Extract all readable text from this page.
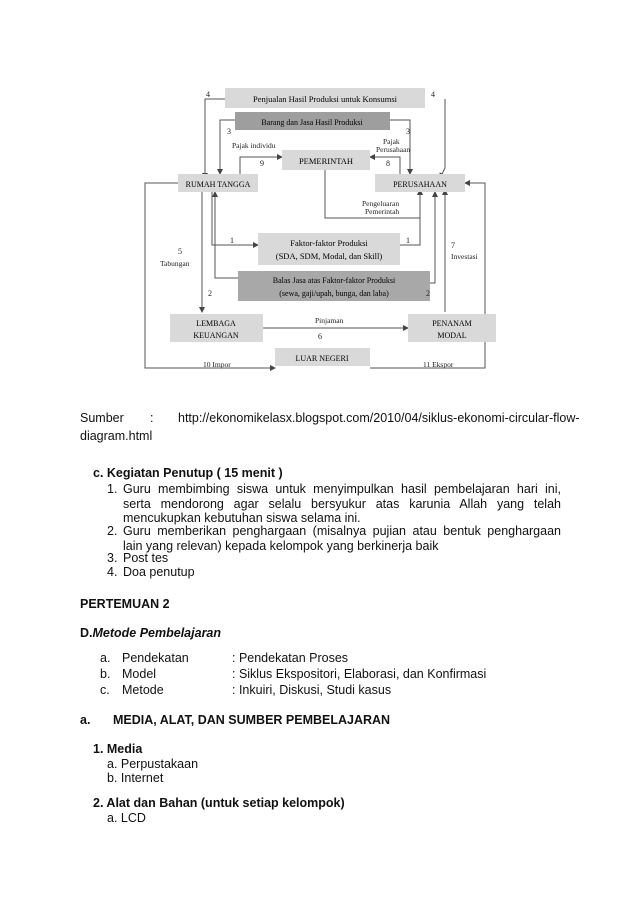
Penjualan Hasil Produksi untuk Konsumsi
Barang dan Jasa Hasil Produksi
PEMERINTAH
RUMAH TANGGA	PERUSAHAAN
Faktor-faktor Produksi
(SDA, SDM, Modal, dan Skill)
Balas Jasa atas Faktor-faktor Produksi
(sewa, gaji/upah, bunga, dan laba)
LEMBAGA
KEUANGAN
PENANAM
MODAL
LUAR NEGERI
Pajak individu	Pajak
Perusahaan
Pengeluaran
Pemerintah
Tabungan
Investasi
Pinjaman
10 Impor	11 Ekspor
4	4
3	3
9	8
1	1
5
7
2	2
6
Sumber : http://ekonomikelasx.blogspot.com/2010/04/siklus-ekonomi-circular-flow-
diagram.html
c. Kegiatan Penutup ( 15 menit )
1. Guru membimbing siswa untuk menyimpulkan hasil pembelajaran hari ini, serta mendorong agar selalu bersyukur atas karunia Allah yang telah mencukupkan kebutuhan siswa selama ini.
2. Guru memberikan penghargaan (misalnya pujian atau bentuk penghargaan lain yang relevan) kepada kelompok yang berkinerja baik
3. Post tes
4. Doa penutup
PERTEMUAN 2
D.Metode Pembelajaran
a. Pendekatan	: Pendekatan Proses
b. Model	: Siklus Ekspositori, Elaborasi, dan Konfirmasi
c. Metode	: Inkuiri, Diskusi, Studi kasus
a. MEDIA, ALAT, DAN SUMBER PEMBELAJARAN
1. Media
a. Perpustakaan
b. Internet
2. Alat dan Bahan (untuk setiap kelompok)
a. LCD
